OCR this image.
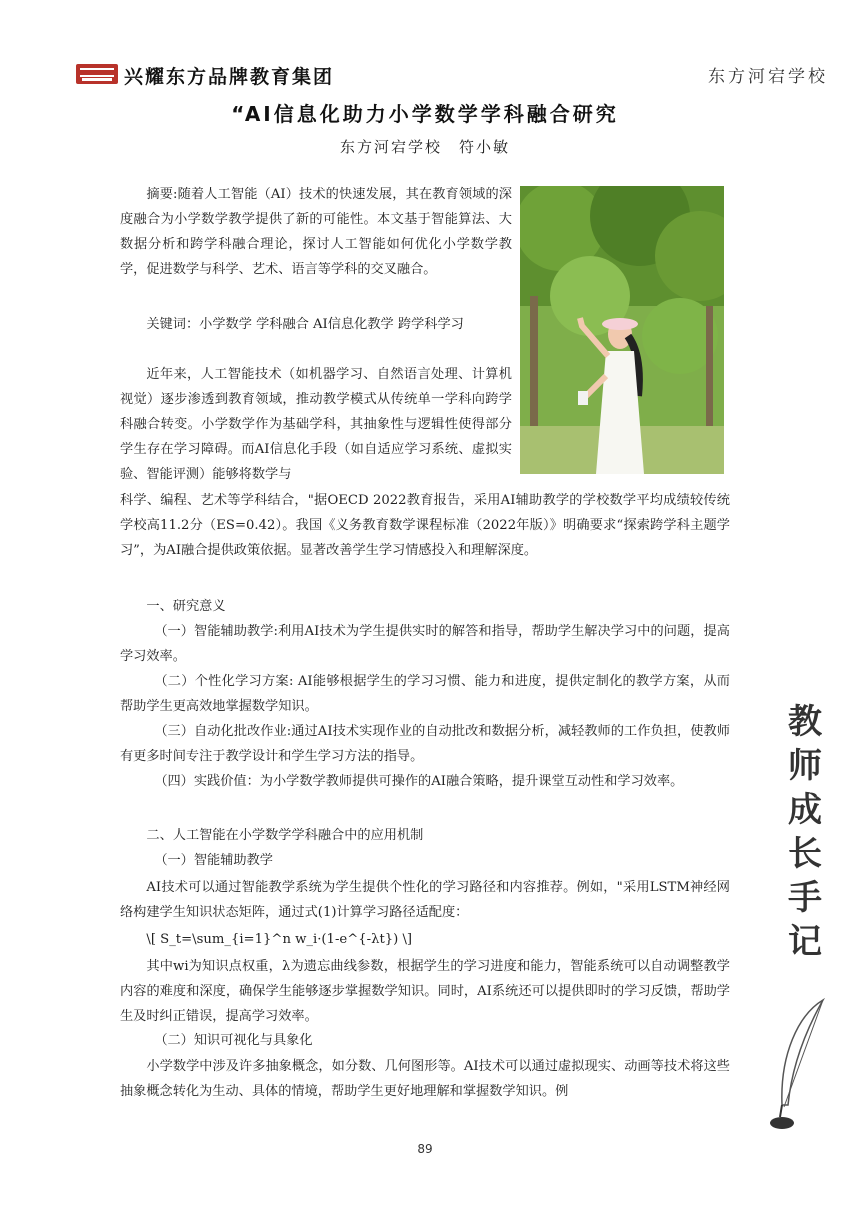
兴耀东方品牌教育集团	东方河宕学校
“AI信息化助力小学数学学科融合研究
东方河宕学校　符小敏

摘要:随着人工智能（AI）技术的快速发展，其在教育领域的深度融合为小学数学教学提供了新的可能性。本文基于智能算法、大数据分析和跨学科融合理论，探讨人工智能如何优化小学数学教学，促进数学与科学、艺术、语言等学科的交叉融合。

关键词：小学数学 学科融合 AI信息化教学 跨学科学习

近年来，人工智能技术（如机器学习、自然语言处理、计算机视觉）逐步渗透到教育领域，推动教学模式从传统单一学科向跨学科融合转变。小学数学作为基础学科，其抽象性与逻辑性使得部分学生存在学习障碍。而AI信息化手段（如自适应学习系统、虚拟实验、智能评测）能够将数学与

科学、编程、艺术等学科结合，"据OECD 2022教育报告，采用AI辅助教学的学校数学平均成绩较传统学校高11.2分（ES=0.42）。我国《义务教育数学课程标准（2022年版）》明确要求“探索跨学科主题学习”，为AI融合提供政策依据。显著改善学生学习情感投入和理解深度。

一、研究意义

（一）智能辅助教学:利用AI技术为学生提供实时的解答和指导，帮助学生解决学习中的问题，提高学习效率。

（二）个性化学习方案: AI能够根据学生的学习习惯、能力和进度，提供定制化的教学方案，从而帮助学生更高效地掌握数学知识。

（三）自动化批改作业:通过AI技术实现作业的自动批改和数据分析，减轻教师的工作负担，使教师有更多时间专注于教学设计和学生学习方法的指导。

（四）实践价值：为小学数学教师提供可操作的AI融合策略，提升课堂互动性和学习效率。

二、人工智能在小学数学学科融合中的应用机制

（一）智能辅助教学

AI技术可以通过智能教学系统为学生提供个性化的学习路径和内容推荐。例如，"采用LSTM神经网络构建学生知识状态矩阵，通过式(1)计算学习路径适配度：

\[ S_t=\sum_{i=1}^n w_i·(1-e^{-λt}) \]

其中wi为知识点权重，λ为遗忘曲线参数，根据学生的学习进度和能力，智能系统可以自动调整教学内容的难度和深度，确保学生能够逐步掌握数学知识。同时，AI系统还可以提供即时的学习反馈，帮助学生及时纠正错误，提高学习效率。

（二）知识可视化与具象化

小学数学中涉及许多抽象概念，如分数、几何图形等。AI技术可以通过虚拟现实、动画等技术将这些抽象概念转化为生动、具体的情境，帮助学生更好地理解和掌握数学知识。例

教
师
成
长
手
记
89
